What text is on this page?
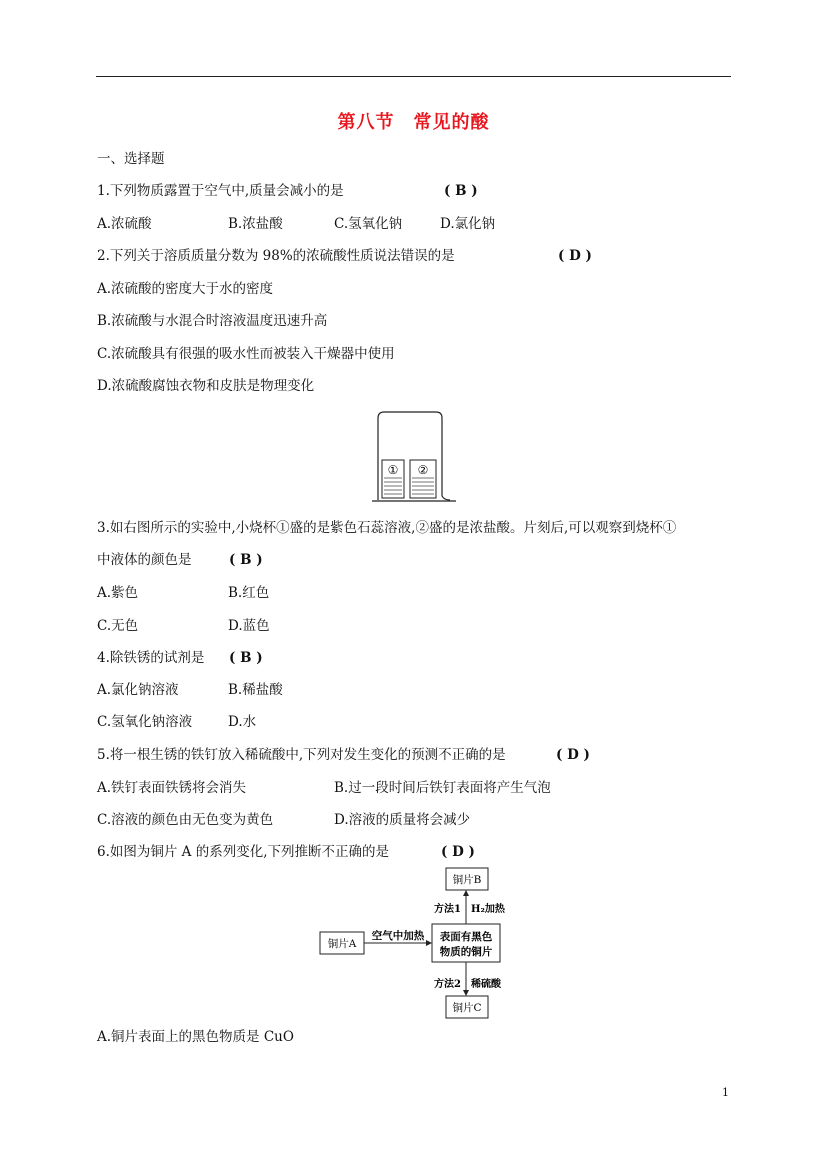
第八节　常见的酸
一、选择题
1.下列物质露置于空气中,质量会减小的是	( B )
A.浓硫酸	B.浓盐酸	C.氢氧化钠	D.氯化钠
2.下列关于溶质质量分数为 98%的浓硫酸性质说法错误的是	( D )
A.浓硫酸的密度大于水的密度
B.浓硫酸与水混合时溶液温度迅速升高
C.浓硫酸具有很强的吸水性而被装入干燥器中使用
D.浓硫酸腐蚀衣物和皮肤是物理变化
① ②
3.如右图所示的实验中,小烧杯①盛的是紫色石蕊溶液,②盛的是浓盐酸。片刻后,可以观察到烧杯①
中液体的颜色是	( B )
A.紫色	B.红色
C.无色	D.蓝色
4.除铁锈的试剂是 ( B )
A.氯化钠溶液	B.稀盐酸
C.氢氧化钠溶液	D.水
5.将一根生锈的铁钉放入稀硫酸中,下列对发生变化的预测不正确的是	( D )
A.铁钉表面铁锈将会消失	B.过一段时间后铁钉表面将产生气泡
C.溶液的颜色由无色变为黄色	D.溶液的质量将会减少
6.如图为铜片 A 的系列变化,下列推断不正确的是	( D )
铜片B
铜片A
表面有黑色
物质的铜片
铜片C
空气中加热
方法1 H₂加热
方法2 稀硫酸
A.铜片表面上的黑色物质是 CuO
1
